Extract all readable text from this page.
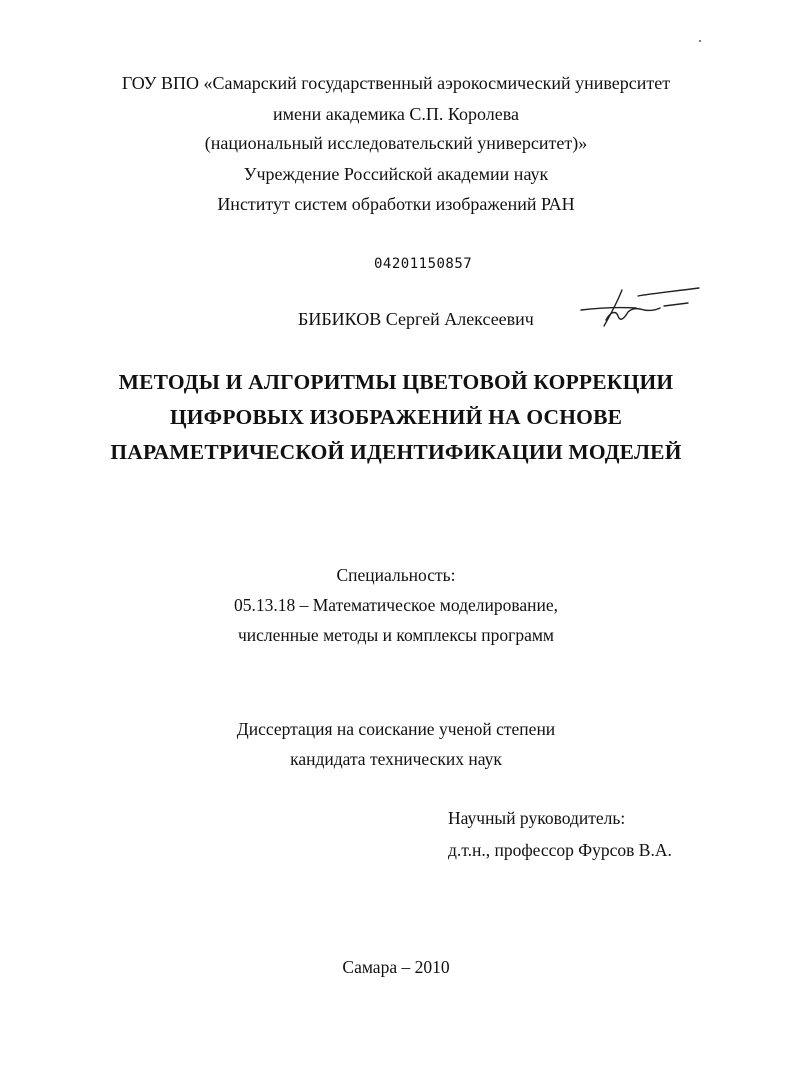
ГОУ ВПО «Самарский государственный аэрокосмический университет
имени академика С.П. Королева
(национальный исследовательский университет)»
Учреждение Российской академии наук
Институт систем обработки изображений РАН
04201150857
БИБИКОВ Сергей Алексеевич
МЕТОДЫ И АЛГОРИТМЫ ЦВЕТОВОЙ КОРРЕКЦИИ
ЦИФРОВЫХ ИЗОБРАЖЕНИЙ НА ОСНОВЕ
ПАРАМЕТРИЧЕСКОЙ ИДЕНТИФИКАЦИИ МОДЕЛЕЙ
Специальность:
05.13.18 – Математическое моделирование,
численные методы и комплексы программ
Диссертация на соискание ученой степени
кандидата технических наук
Научный руководитель:
д.т.н., профессор Фурсов В.А.
Самара – 2010
